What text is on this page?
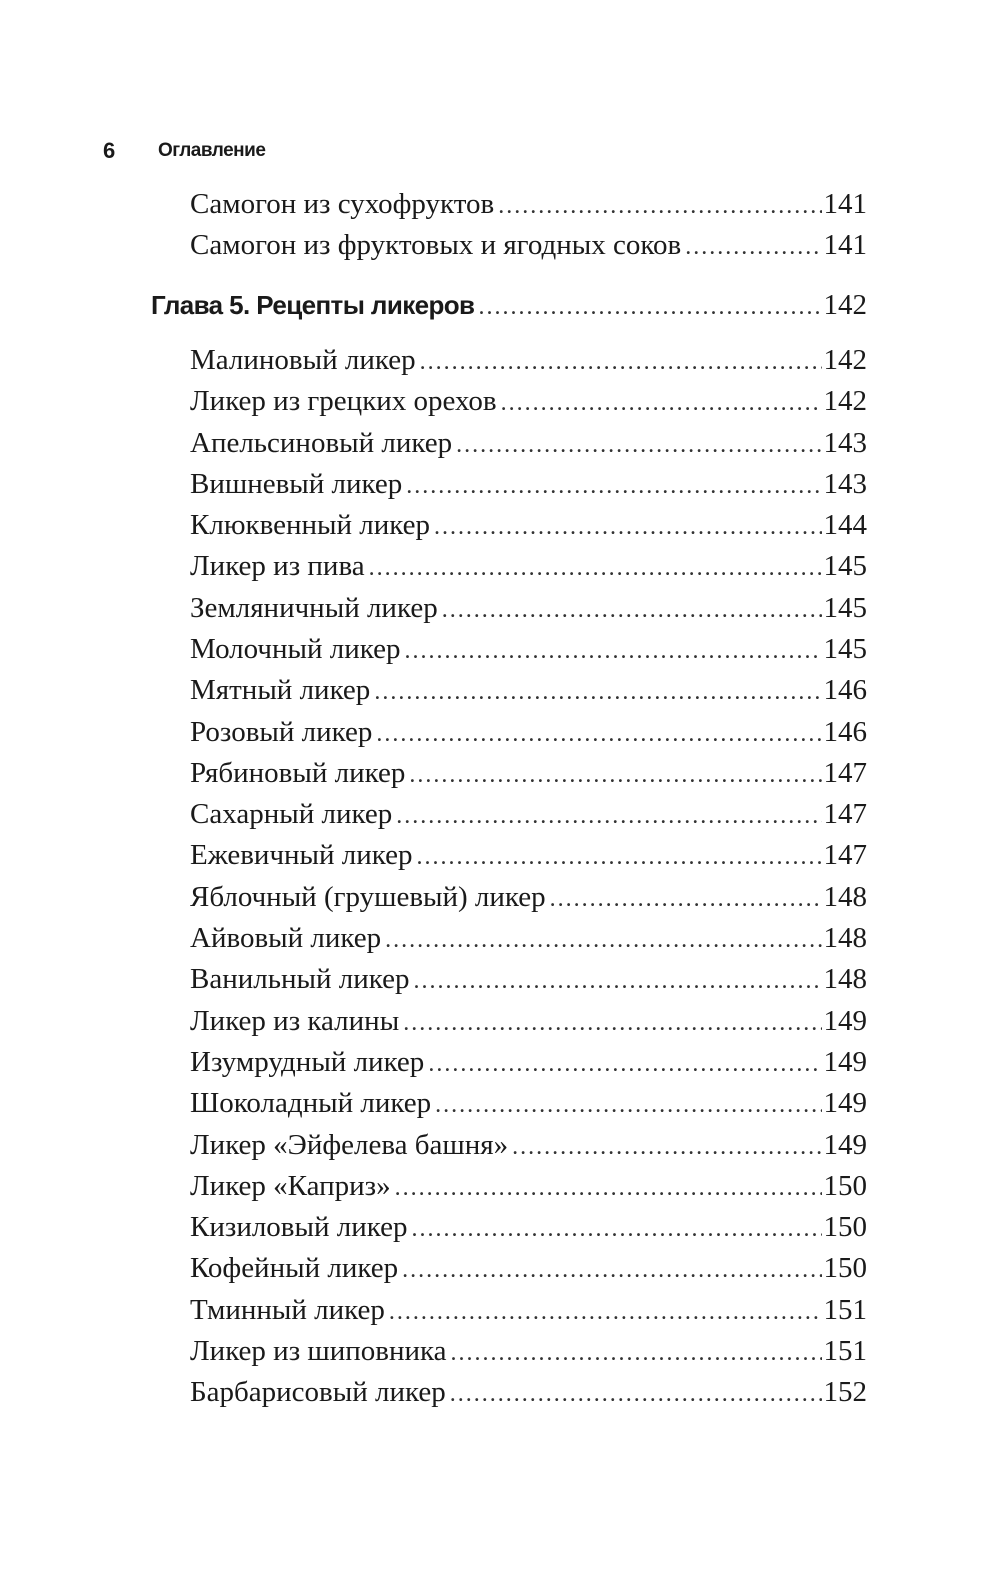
6	Оглавление
Самогон из сухофруктов . . .	141
Самогон из фруктовых и ягодных соков . . .	141
Глава 5. Рецепты ликеров . . .	142
Малиновый ликер . . .	142
Ликер из грецких орехов . . .	142
Апельсиновый ликер . . .	143
Вишневый ликер . . .	143
Клюквенный ликер . . .	144
Ликер из пива . . .	145
Земляничный ликер . . .	145
Молочный ликер . . .	145
Мятный ликер . . .	146
Розовый ликер . . .	146
Рябиновый ликер . . .	147
Сахарный ликер . . .	147
Ежевичный ликер . . .	147
Яблочный (грушевый) ликер . . .	148
Айвовый ликер . . .	148
Ванильный ликер . . .	148
Ликер из калины . . .	149
Изумрудный ликер . . .	149
Шоколадный ликер . . .	149
Ликер «Эйфелева башня» . . .	149
Ликер «Каприз» . . .	150
Кизиловый ликер . . .	150
Кофейный ликер . . .	150
Тминный ликер . . .	151
Ликер из шиповника . . .	151
Барбарисовый ликер . . .	152
